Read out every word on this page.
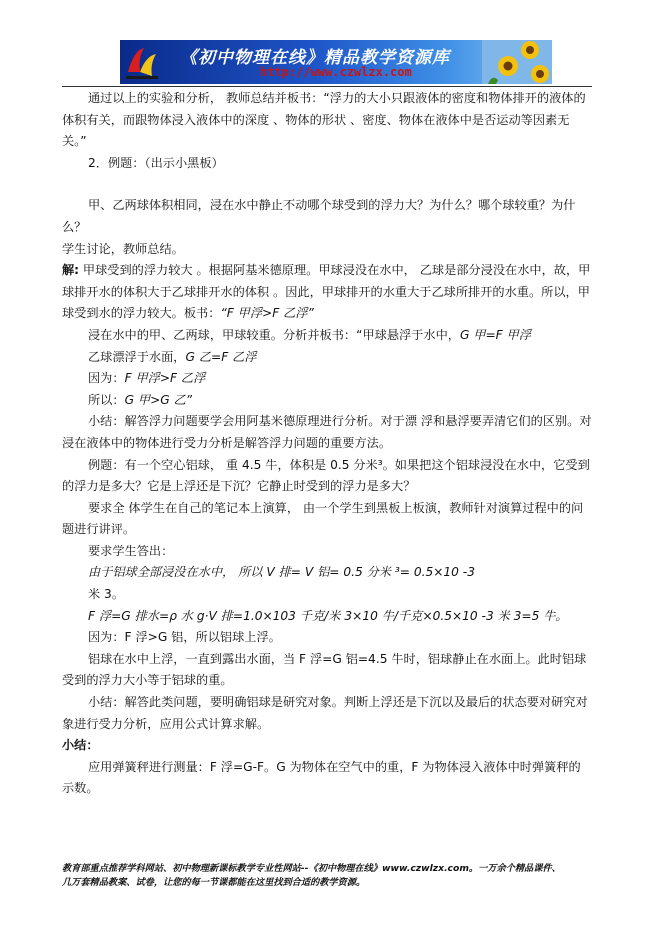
《初中物理在线》精品教学资源库
http://www.czwlzx.com

通过以上的实验和分析， 教师总结并板书：“浮力的大小只跟液体的密度和物体排开的液体的体积有关，而跟物体浸入液体中的深度 、物体的形状 、密度、物体在液体中是否运动等因素无关。”

2．例题：（出示小黑板）

甲、乙两球体积相同，浸在水中静止不动哪个球受到的浮力大？为什么？哪个球较重？为什么？

学生讨论，教师总结。

解: 甲球受到的浮力较大 。根据阿基米德原理。甲球浸没在水中， 乙球是部分浸没在水中，故，甲球排开水的体积大于乙球排开水的体积 。因此，甲球排开的水重大于乙球所排开的水重。所以，甲球受到水的浮力较大。板书：“F 甲浮>F 乙浮”

浸在水中的甲、乙两球，甲球较重。分析并板书：“甲球悬浮于水中，G 甲=F 甲浮

乙球漂浮于水面，G 乙=F 乙浮

因为：F 甲浮>F 乙浮

所以：G 甲>G 乙”

小结：解答浮力问题要学会用阿基米德原理进行分析。对于漂 浮和悬浮要弄清它们的区别。对浸在液体中的物体进行受力分析是解答浮力问题的重要方法。

例题：有一个空心铝球， 重 4.5 牛，体积是 0.5 分米³。如果把这个铝球浸没在水中，它受到的浮力是多大？它是上浮还是下沉？它静止时受到的浮力是多大？

要求全 体学生在自己的笔记本上演算， 由一个学生到黑板上板演，教师针对演算过程中的问题进行讲评。

要求学生答出：

由于铝球全部浸没在水中， 所以 V 排= V 铝= 0.5 分米 ³= 0.5×10 -3

米 3。

F 浮=G 排水=ρ 水 g·V 排=1.0×103 千克/米 3×10 牛/千克×0.5×10 -3 米 3=5 牛。

因为：F 浮>G 铝，所以铝球上浮。

铝球在水中上浮，一直到露出水面，当 F 浮=G 铝=4.5 牛时，铝球静止在水面上。此时铝球受到的浮力大小等于铝球的重。

小结：解答此类问题，要明确铝球是研究对象。判断上浮还是下沉以及最后的状态要对研究对象进行受力分析，应用公式计算求解。

小结：

应用弹簧秤进行测量：F 浮=G-F。G 为物体在空气中的重，F 为物体浸入液体中时弹簧秤的示数。

教育部重点推荐学科网站、初中物理新课标教学专业性网站--《初中物理在线》www.czwlzx.com。一万余个精品课件、
几万套精品教案、试卷，让您的每一节课都能在这里找到合适的教学资源。
